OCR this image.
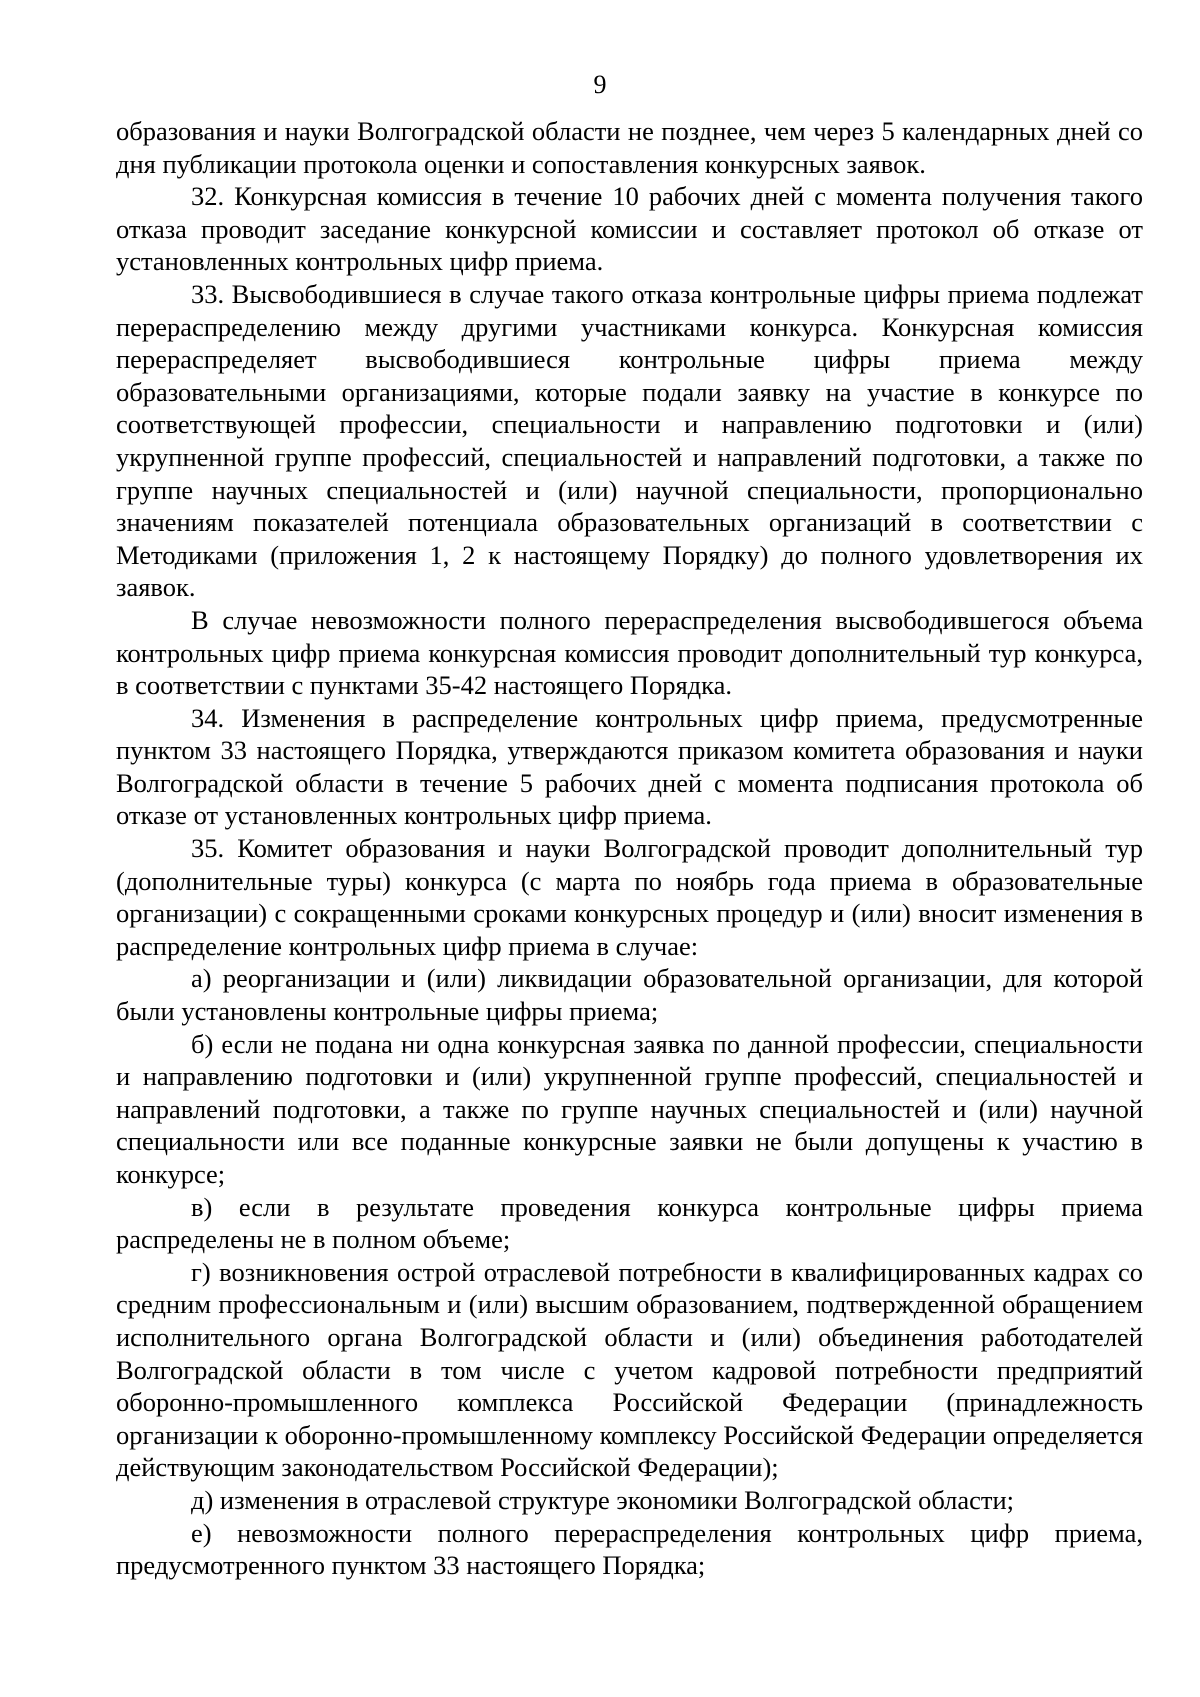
9

образования и науки Волгоградской области не позднее, чем через 5 календарных дней со дня публикации протокола оценки и сопоставления конкурсных заявок.

32. Конкурсная комиссия в течение 10 рабочих дней с момента получения такого отказа проводит заседание конкурсной комиссии и составляет протокол об отказе от установленных контрольных цифр приема.

33. Высвободившиеся в случае такого отказа контрольные цифры приема подлежат перераспределению между другими участниками конкурса. Конкурсная комиссия перераспределяет высвободившиеся контрольные цифры приема между образовательными организациями, которые подали заявку на участие в конкурсе по соответствующей профессии, специальности и направлению подготовки и (или) укрупненной группе профессий, специальностей и направлений подготовки, а также по группе научных специальностей и (или) научной специальности, пропорционально значениям показателей потенциала образовательных организаций в соответствии с Методиками (приложения 1, 2 к настоящему Порядку) до полного удовлетворения их заявок.

В случае невозможности полного перераспределения высвободившегося объема контрольных цифр приема конкурсная комиссия проводит дополнительный тур конкурса, в соответствии с пунктами 35-42 настоящего Порядка.

34. Изменения в распределение контрольных цифр приема, предусмотренные пунктом 33 настоящего Порядка, утверждаются приказом комитета образования и науки Волгоградской области в течение 5 рабочих дней с момента подписания протокола об отказе от установленных контрольных цифр приема.

35. Комитет образования и науки Волгоградской проводит дополнительный тур (дополнительные туры) конкурса (с марта по ноябрь года приема в образовательные организации) с сокращенными сроками конкурсных процедур и (или) вносит изменения в распределение контрольных цифр приема в случае:

а) реорганизации и (или) ликвидации образовательной организации, для которой были установлены контрольные цифры приема;

б) если не подана ни одна конкурсная заявка по данной профессии, специальности и направлению подготовки и (или) укрупненной группе профессий, специальностей и направлений подготовки, а также по группе научных специальностей и (или) научной специальности или все поданные конкурсные заявки не были допущены к участию в конкурсе;

в) если в результате проведения конкурса контрольные цифры приема распределены не в полном объеме;

г) возникновения острой отраслевой потребности в квалифицированных кадрах со средним профессиональным и (или) высшим образованием, подтвержденной обращением исполнительного органа Волгоградской области и (или) объединения работодателей Волгоградской области в том числе с учетом кадровой потребности предприятий оборонно-промышленного комплекса Российской Федерации (принадлежность организации к оборонно-промышленному комплексу Российской Федерации определяется действующим законодательством Российской Федерации);

д) изменения в отраслевой структуре экономики Волгоградской области;

е) невозможности полного перераспределения контрольных цифр приема, предусмотренного пунктом 33 настоящего Порядка;
